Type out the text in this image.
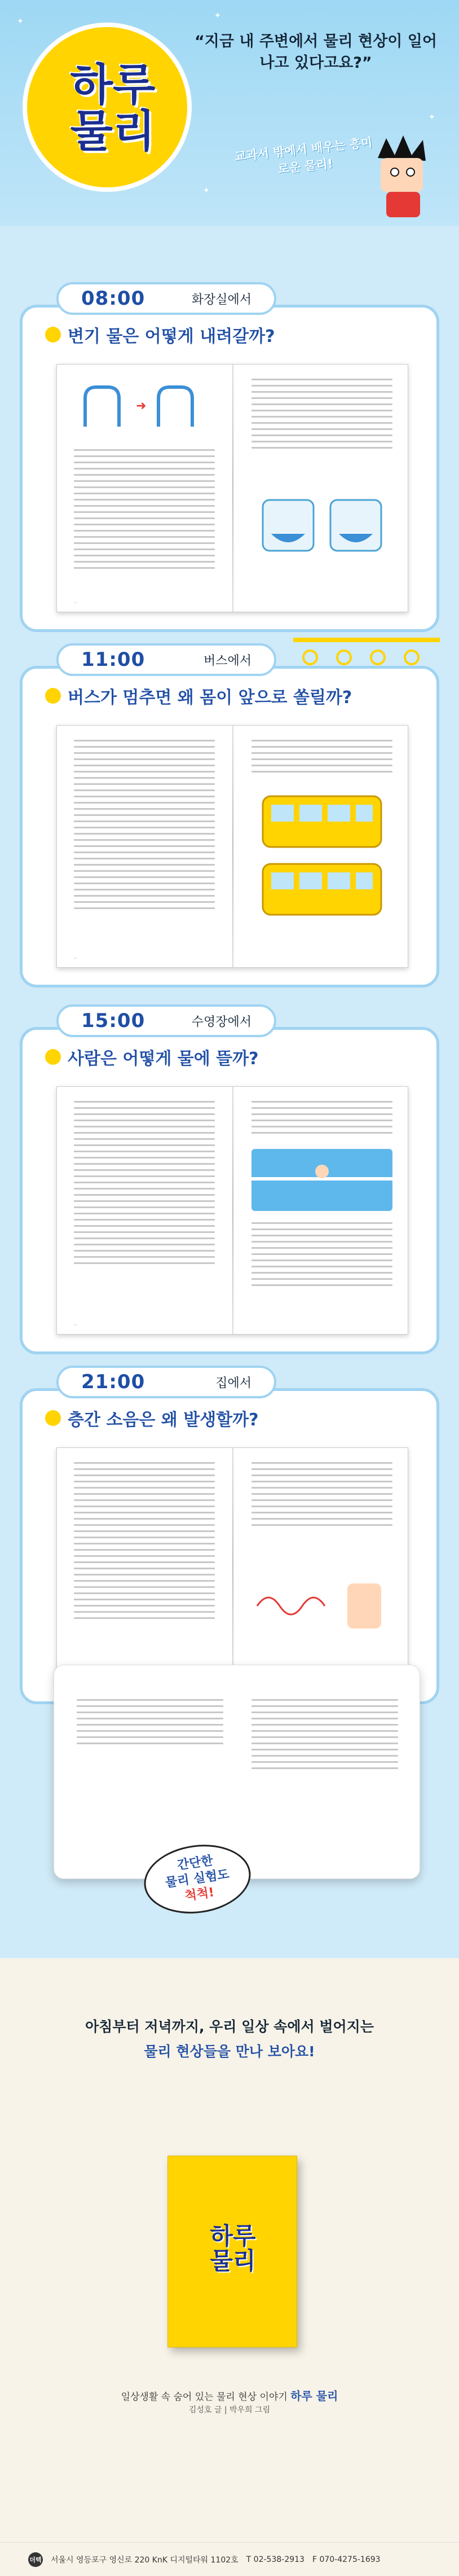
✦
✦
✦
✦
하루
물리
“지금 내 주변에서 물리 현상이 일어나고 있다고요?”
교과서 밖에서 배우는 흥미로운 물리!
변기 물은 어떻게 내려갈까?
➜
··
08:00	화장실에서
버스가 멈추면 왜 몸이 앞으로 쏠릴까?
··
11:00	버스에서
사람은 어떻게 물에 뜰까?
··
15:00	수영장에서
층간 소음은 왜 발생할까?
21:00	집에서
간단한
물리 실험도
척척!
아침부터 저녁까지, 우리 일상 속에서 벌어지는
물리 현상들을 만나 보아요!
하루
물리
일상생활 속 숨어 있는 물리 현상 이야기 하루 물리
김성호 글 | 박우희 그림
더텍 서울시 영등포구 영신로 220 KnK 디지털타워 1102호 T 02-538-2913 F 070-4275-1693
